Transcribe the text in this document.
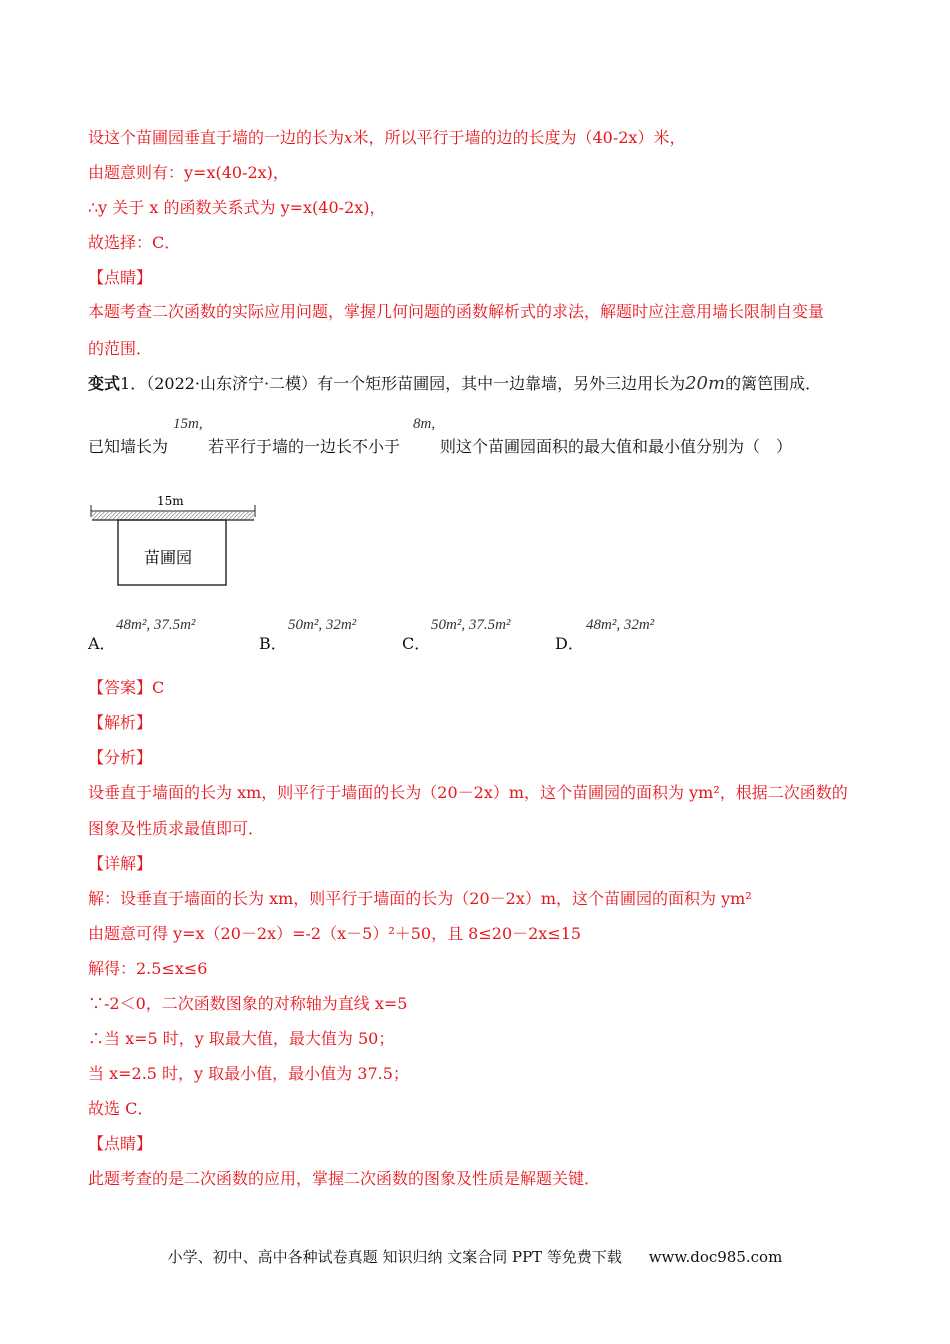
设这个苗圃园垂直于墙的一边的长为x米，所以平行于墙的边的长度为（40-2x）米，
由题意则有：y=x(40-2x)，
∴y 关于 x 的函数关系式为 y=x(40-2x)，
故选择：C．
【点睛】
本题考查二次函数的实际应用问题，掌握几何问题的函数解析式的求法，解题时应注意用墙长限制自变量
的范围．
变式1．（2022·山东济宁·二模）有一个矩形苗圃园，其中一边靠墙，另外三边用长为20m的篱笆围成．
已知墙长为
15m,
若平行于墙的一边长不小于
8m,
则这个苗圃园面积的最大值和最小值分别为（　）
15m
苗圃园
A．
48m², 37.5m²
B．
50m², 32m²
C．
50m², 37.5m²
D．
48m², 32m²
【答案】C
【解析】
【分析】
设垂直于墙面的长为 xm，则平行于墙面的长为（20－2x）m，这个苗圃园的面积为 ym²，根据二次函数的
图象及性质求最值即可．
【详解】
解：设垂直于墙面的长为 xm，则平行于墙面的长为（20－2x）m，这个苗圃园的面积为 ym²
由题意可得 y=x（20－2x）=-2（x－5）²＋50，且 8≤20－2x≤15
解得：2.5≤x≤6
∵-2＜0，二次函数图象的对称轴为直线 x=5
∴当 x=5 时，y 取最大值，最大值为 50；
当 x=2.5 时，y 取最小值，最小值为 37.5；
故选 C．
【点睛】
此题考查的是二次函数的应用，掌握二次函数的图象及性质是解题关键．
小学、初中、高中各种试卷真题 知识归纳 文案合同 PPT 等免费下载 www.doc985.com
